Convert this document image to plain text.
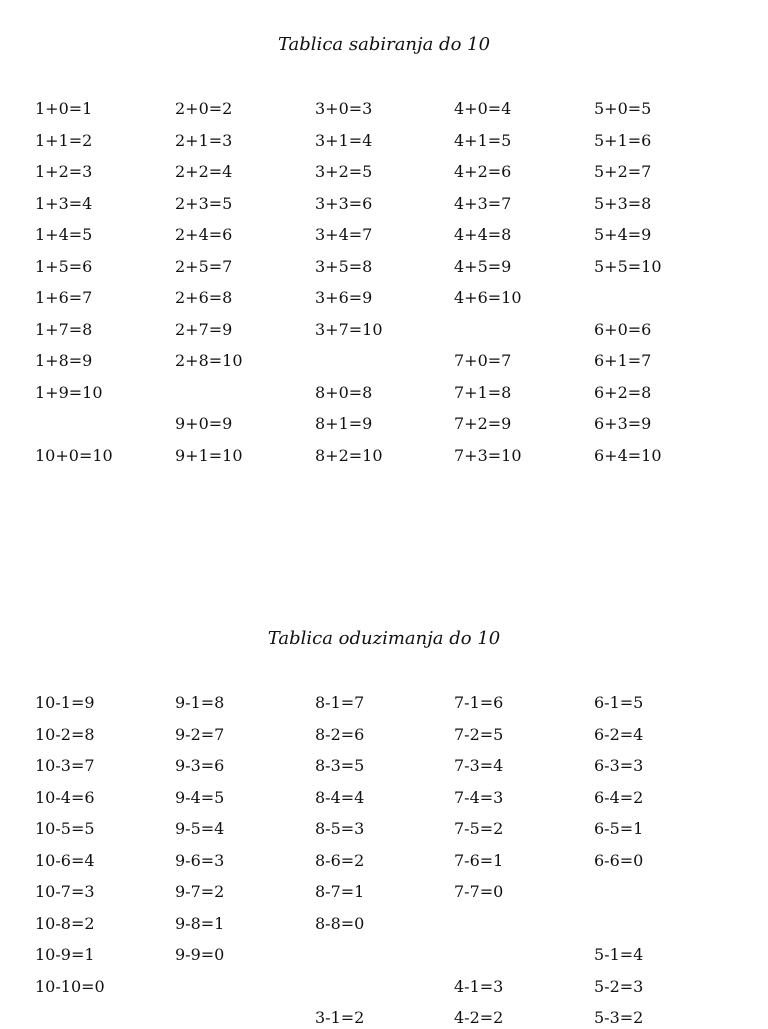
Tablica sabiranja do 10
1+0=1
1+1=2
1+2=3
1+3=4
1+4=5
1+5=6
1+6=7
1+7=8
1+8=9
1+9=10
10+0=10
2+0=2
2+1=3
2+2=4
2+3=5
2+4=6
2+5=7
2+6=8
2+7=9
2+8=10
9+0=9
9+1=10
3+0=3
3+1=4
3+2=5
3+3=6
3+4=7
3+5=8
3+6=9
3+7=10
8+0=8
8+1=9
8+2=10
4+0=4
4+1=5
4+2=6
4+3=7
4+4=8
4+5=9
4+6=10
7+0=7
7+1=8
7+2=9
7+3=10
5+0=5
5+1=6
5+2=7
5+3=8
5+4=9
5+5=10
6+0=6
6+1=7
6+2=8
6+3=9
6+4=10
Tablica oduzimanja do 10
10-1=9
10-2=8
10-3=7
10-4=6
10-5=5
10-6=4
10-7=3
10-8=2
10-9=1
10-10=0
9-1=8
9-2=7
9-3=6
9-4=5
9-5=4
9-6=3
9-7=2
9-8=1
9-9=0
8-1=7
8-2=6
8-3=5
8-4=4
8-5=3
8-6=2
8-7=1
8-8=0
3-1=2
7-1=6
7-2=5
7-3=4
7-4=3
7-5=2
7-6=1
7-7=0
4-1=3
4-2=2
6-1=5
6-2=4
6-3=3
6-4=2
6-5=1
6-6=0
5-1=4
5-2=3
5-3=2
